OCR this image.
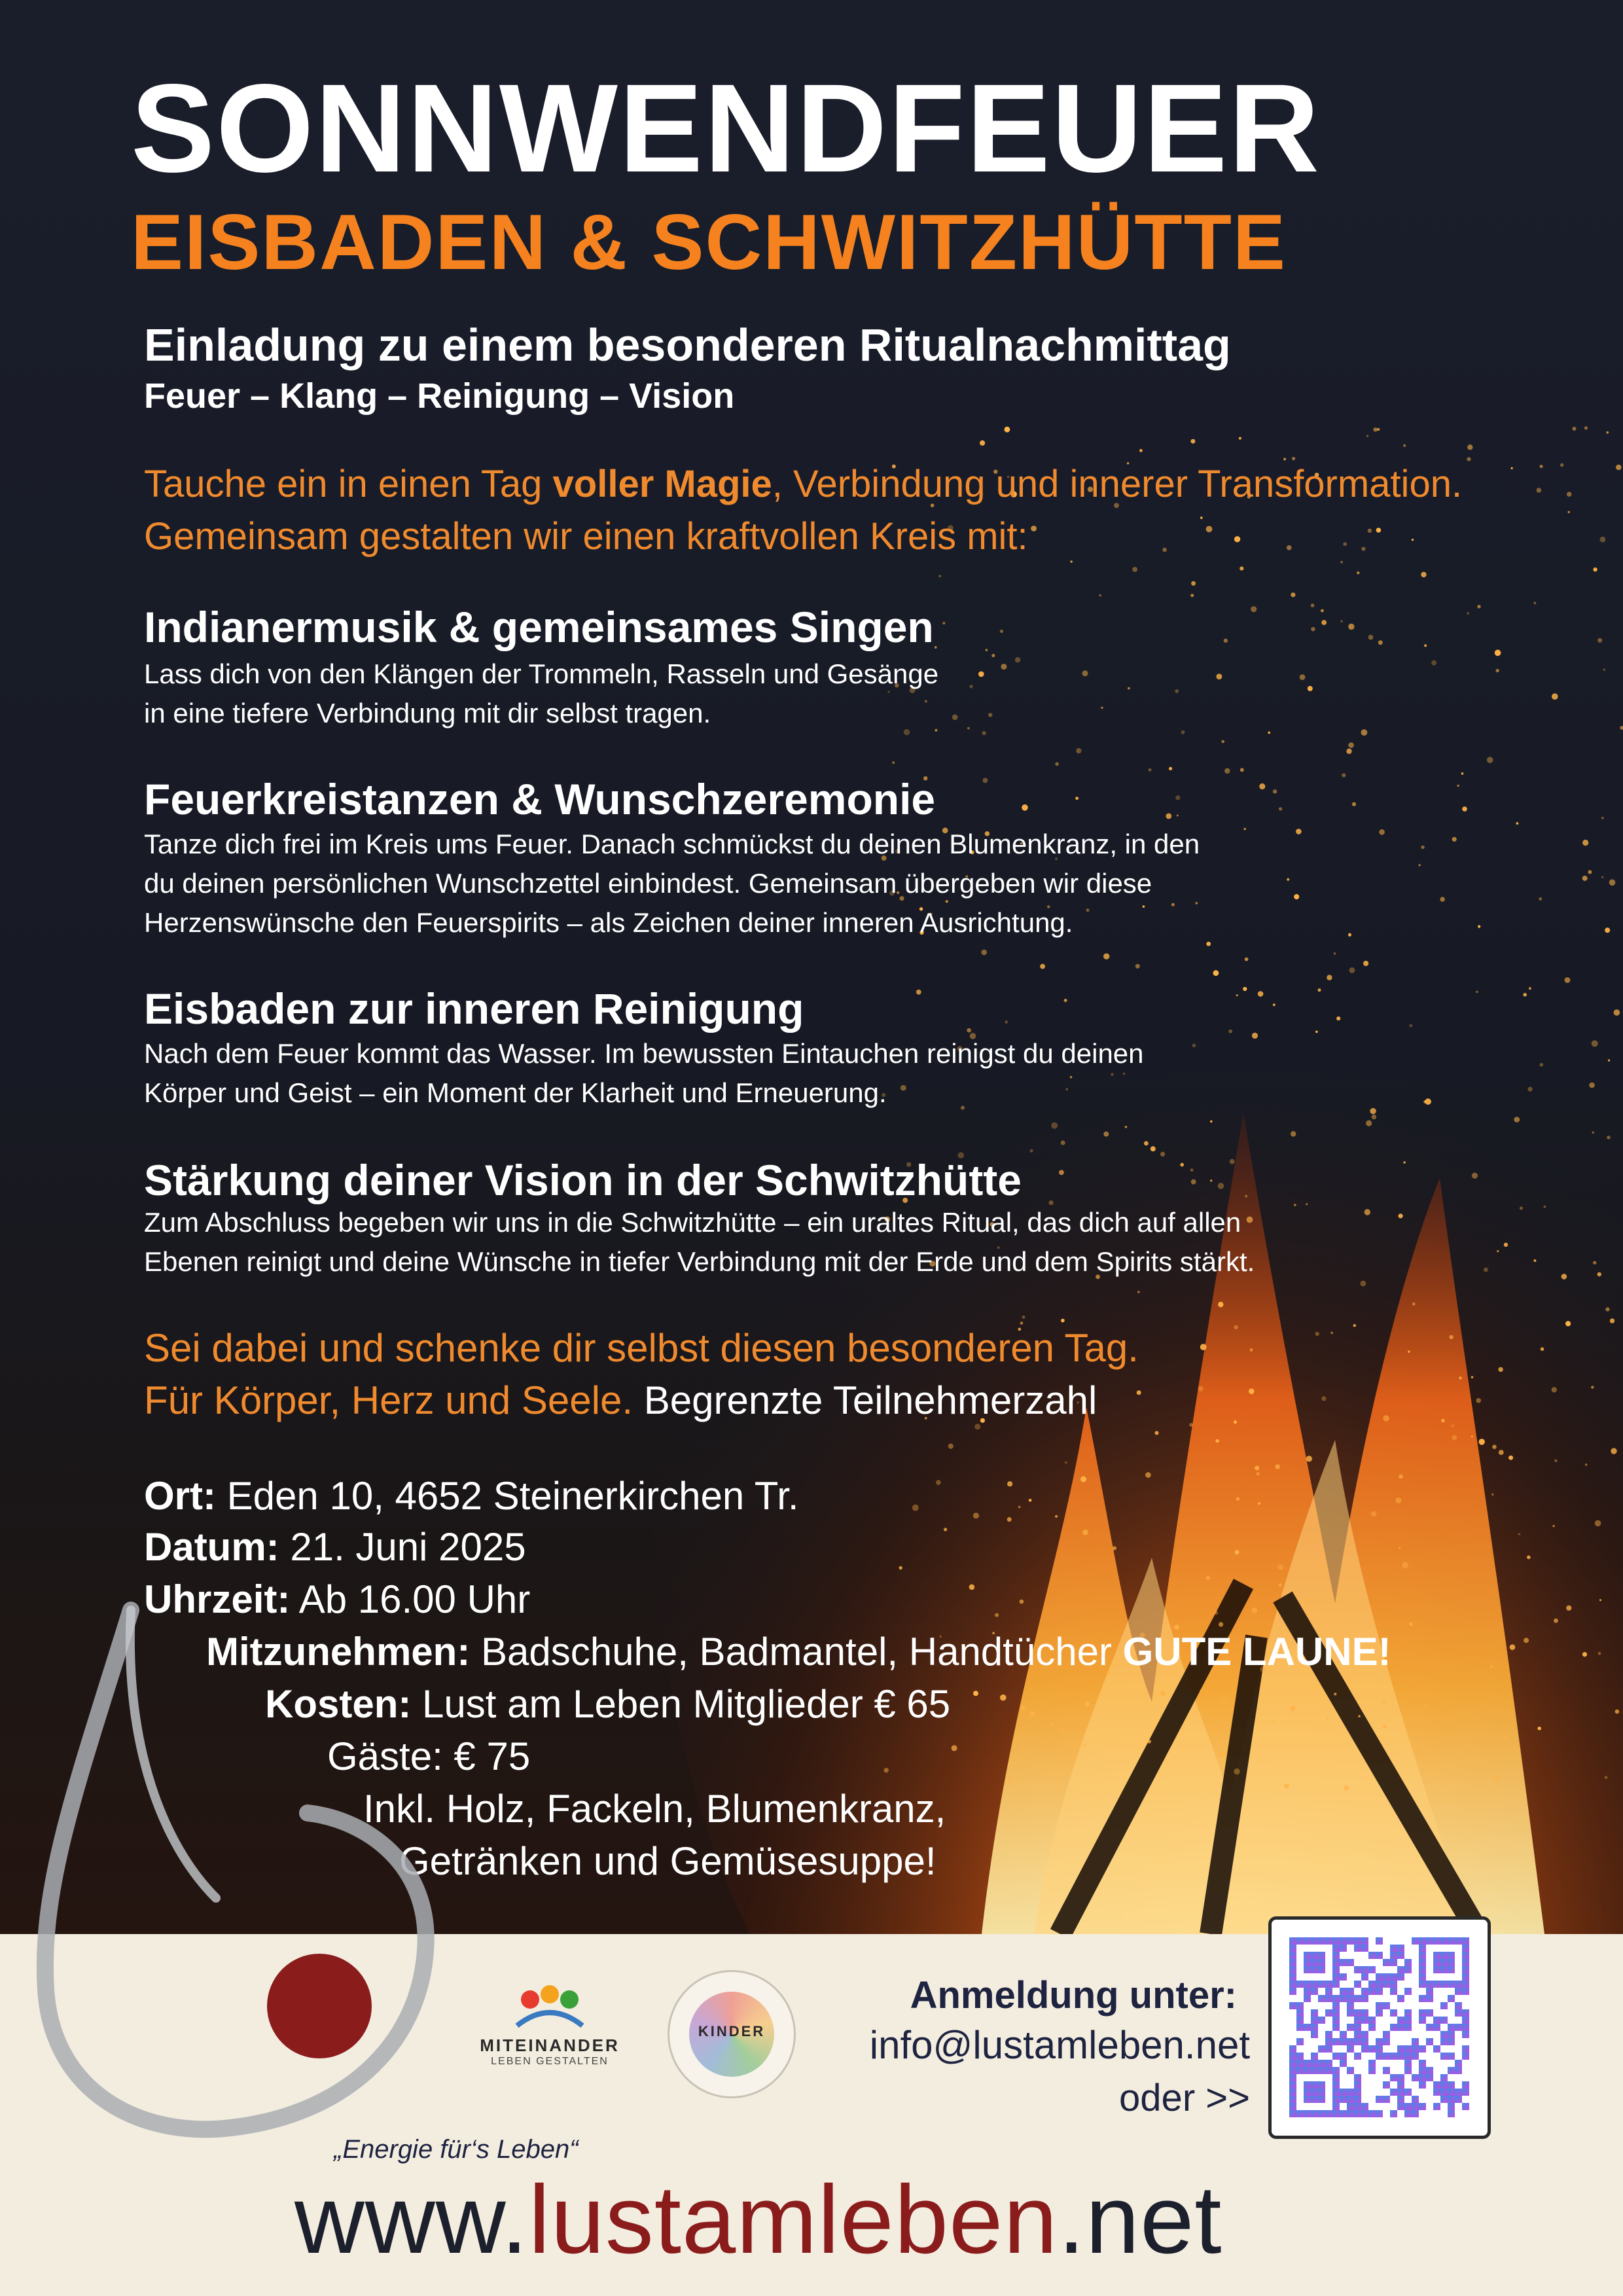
SONNWENDFEUER
EISBADEN & SCHWITZHÜTTE
Einladung zu einem besonderen Ritualnachmittag
Feuer – Klang – Reinigung – Vision

Tauche ein in einen Tag voller Magie, Verbindung und innerer Transformation. Gemeinsam gestalten wir einen kraftvollen Kreis mit:

Indianermusik & gemeinsames Singen
Lass dich von den Klängen der Trommeln, Rasseln und Gesänge
in eine tiefere Verbindung mit dir selbst tragen.
Feuerkreistanzen & Wunschzeremonie
Tanze dich frei im Kreis ums Feuer. Danach schmückst du deinen Blumenkranz, in den
du deinen persönlichen Wunschzettel einbindest. Gemeinsam übergeben wir diese
Herzenswünsche den Feuerspirits – als Zeichen deiner inneren Ausrichtung.
Eisbaden zur inneren Reinigung
Nach dem Feuer kommt das Wasser. Im bewussten Eintauchen reinigst du deinen
Körper und Geist – ein Moment der Klarheit und Erneuerung.
Stärkung deiner Vision in der Schwitzhütte
Zum Abschluss begeben wir uns in die Schwitzhütte – ein uraltes Ritual, das dich auf allen
Ebenen reinigt und deine Wünsche in tiefer Verbindung mit der Erde und dem Spirits stärkt.
Sei dabei und schenke dir selbst diesen besonderen Tag.
Für Körper, Herz und Seele. Begrenzte Teilnehmerzahl
Ort: Eden 10, 4652 Steinerkirchen Tr.
Datum: 21. Juni 2025
Uhrzeit: Ab 16.00 Uhr
Mitzunehmen: Badschuhe, Badmantel, Handtücher GUTE LAUNE!
Kosten: Lust am Leben Mitglieder € 65
Gäste: € 75
Inkl. Holz, Fackeln, Blumenkranz,
Getränken und Gemüsesuppe!
MITEINANDER
LEBEN GESTALTEN
KINDER
Anmeldung unter:
info@lustamleben.net
oder >>
„Energie für‘s Leben“
www.lustamleben.net
